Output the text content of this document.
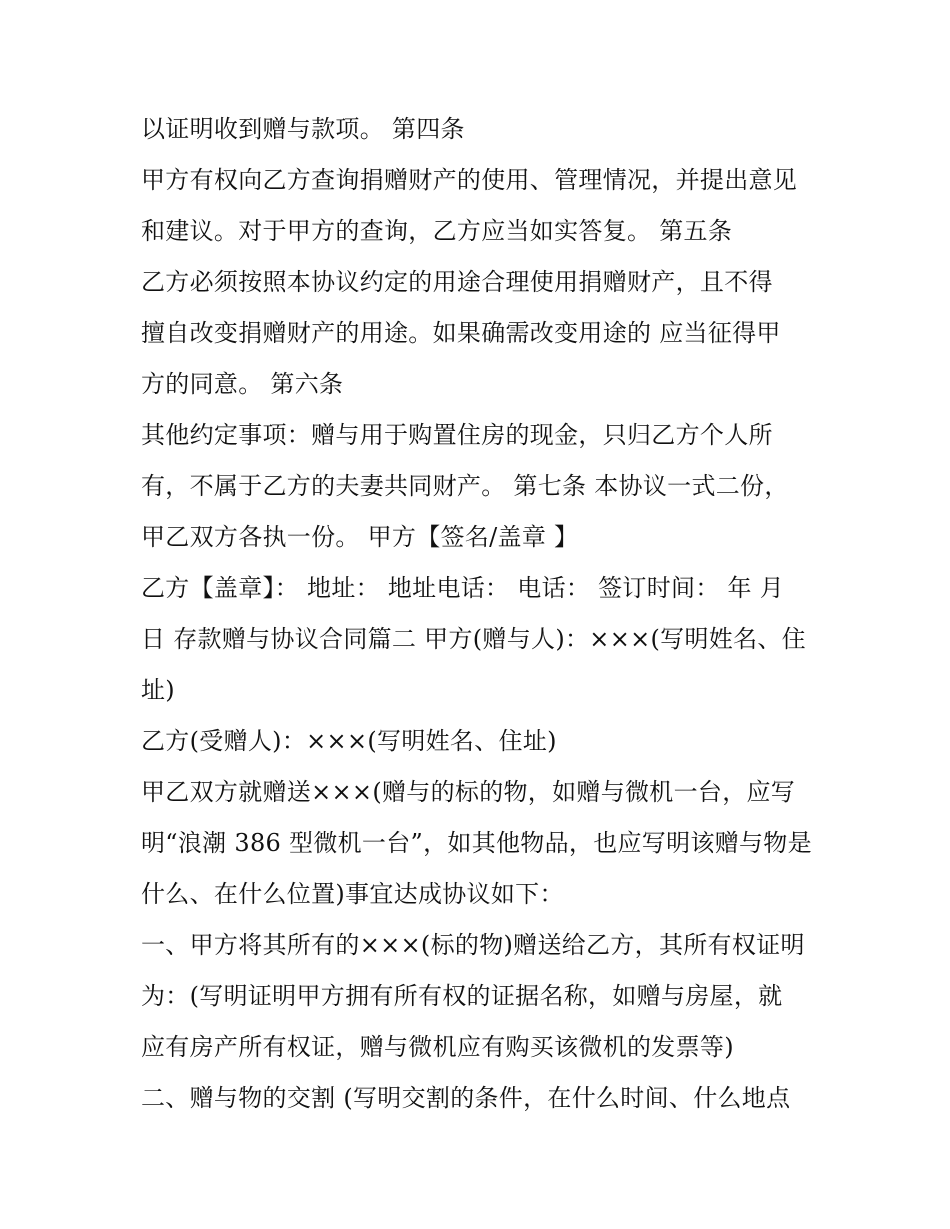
以证明收到赠与款项。 第四条
甲方有权向乙方查询捐赠财产的使用、管理情况，并提出意见
和建议。对于甲方的查询，乙方应当如实答复。 第五条
乙方必须按照本协议约定的用途合理使用捐赠财产，且不得
擅自改变捐赠财产的用途。如果确需改变用途的 应当征得甲
方的同意。 第六条
其他约定事项：赠与用于购置住房的现金，只归乙方个人所
有，不属于乙方的夫妻共同财产。 第七条 本协议一式二份，
甲乙双方各执一份。 甲方【签名/盖章 】
乙方【盖章】： 地址： 地址电话： 电话： 签订时间： 年 月
日 存款赠与协议合同篇二 甲方(赠与人)：×××(写明姓名、住
址)
乙方(受赠人)：×××(写明姓名、住址)
甲乙双方就赠送×××(赠与的标的物，如赠与微机一台，应写
明“浪潮 386 型微机一台”，如其他物品，也应写明该赠与物是
什么、在什么位置)事宜达成协议如下：
一、甲方将其所有的×××(标的物)赠送给乙方，其所有权证明
为：(写明证明甲方拥有所有权的证据名称，如赠与房屋，就
应有房产所有权证，赠与微机应有购买该微机的发票等)
二、赠与物的交割 (写明交割的条件，在什么时间、什么地点
